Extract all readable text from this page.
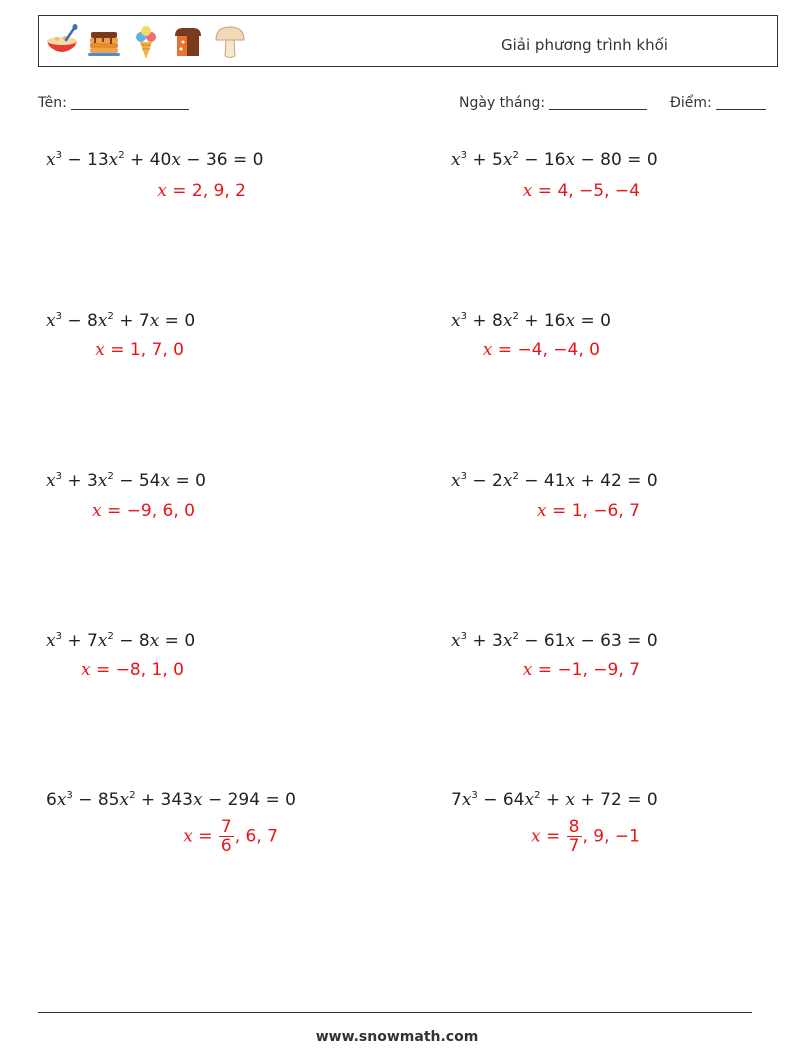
Giải phương trình khối
Tên:	Ngày tháng:	Điểm:
$x^3 - 13x^2 + 40x - 36 = 0$
x = 2, 9, 2
$x^3 + 5x^2 - 16x - 80 = 0$
x = 4, −5, −4
$x^3 - 8x^2 + 7x = 0$
x = 1, 7, 0
$x^3 + 8x^2 + 16x = 0$
x = −4, −4, 0
$x^3 + 3x^2 - 54x = 0$
x = −9, 6, 0
$x^3 - 2x^2 - 41x + 42 = 0$
x = 1, −6, 7
$x^3 + 7x^2 - 8x = 0$
x = −8, 1, 0
$x^3 + 3x^2 - 61x - 63 = 0$
x = −1, −9, 7
$6x^3 - 85x^2 + 343x - 294 = 0$
$x = \frac{7}{6}$ , 6, 7
$7x^3 - 64x^2 + x + 72 = 0$
$x = \frac{8}{7}$ , 9, −1
www.snowmath.com
